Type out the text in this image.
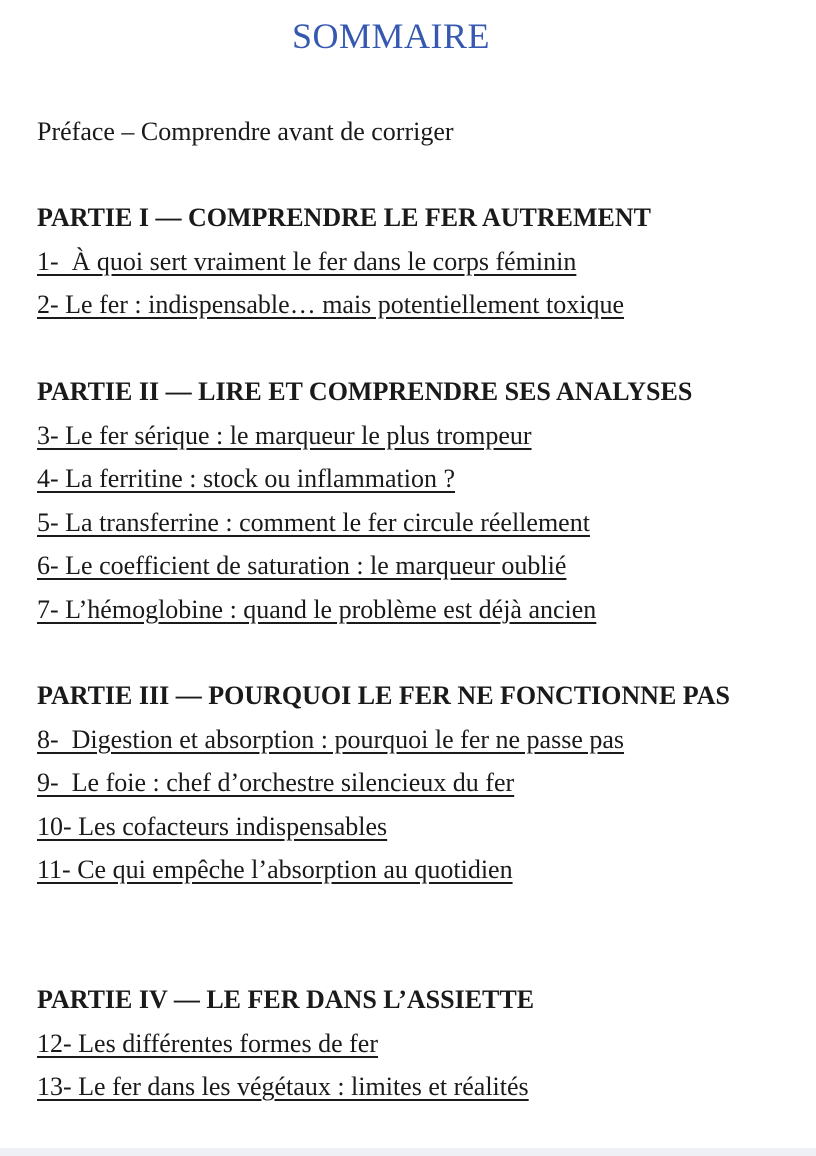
SOMMAIRE
Préface – Comprendre avant de corriger
PARTIE I — COMPRENDRE LE FER AUTREMENT
1-  À quoi sert vraiment le fer dans le corps féminin
2- Le fer : indispensable… mais potentiellement toxique
PARTIE II — LIRE ET COMPRENDRE SES ANALYSES
3- Le fer sérique : le marqueur le plus trompeur
4- La ferritine : stock ou inflammation ?
5- La transferrine : comment le fer circule réellement
6- Le coefficient de saturation : le marqueur oublié
7- L’hémoglobine : quand le problème est déjà ancien
PARTIE III — POURQUOI LE FER NE FONCTIONNE PAS
8-  Digestion et absorption : pourquoi le fer ne passe pas
9-  Le foie : chef d’orchestre silencieux du fer
10- Les cofacteurs indispensables
11- Ce qui empêche l’absorption au quotidien
PARTIE IV — LE FER DANS L’ASSIETTE
12- Les différentes formes de fer
13- Le fer dans les végétaux : limites et réalités
